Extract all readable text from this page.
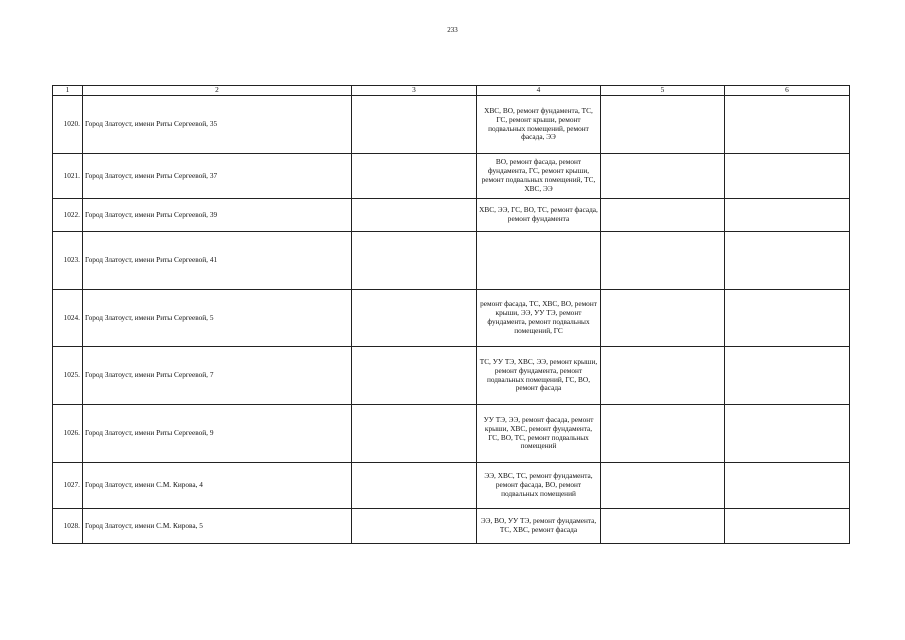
233
1	2	3	4	5	6
1020.	Город Златоуст, имени Риты Сергеевой, 35		ХВС, ВО, ремонт фундамента, ТС, ГС, ремонт крыши, ремонт подвальных помещений, ремонт фасада, ЭЭ		
1021.	Город Златоуст, имени Риты Сергеевой, 37		ВО, ремонт фасада, ремонт фундамента, ГС, ремонт крыши, ремонт подвальных помещений, ТС, ХВС, ЭЭ		
1022.	Город Златоуст, имени Риты Сергеевой, 39		ХВС, ЭЭ, ГС, ВО, ТС, ремонт фасада, ремонт фундамента		
1023.	Город Златоуст, имени Риты Сергеевой, 41				
1024.	Город Златоуст, имени Риты Сергеевой, 5		ремонт фасада, ТС, ХВС, ВО, ремонт крыши, ЭЭ, УУ ТЭ, ремонт фундамента, ремонт подвальных помещений, ГС		
1025.	Город Златоуст, имени Риты Сергеевой, 7		ТС, УУ ТЭ, ХВС, ЭЭ, ремонт крыши, ремонт фундамента, ремонт подвальных помещений, ГС, ВО, ремонт фасада		
1026.	Город Златоуст, имени Риты Сергеевой, 9		УУ ТЭ, ЭЭ, ремонт фасада, ремонт крыши, ХВС, ремонт фундамента, ГС, ВО, ТС, ремонт подвальных помещений		
1027.	Город Златоуст, имени С.М. Кирова, 4		ЭЭ, ХВС, ТС, ремонт фундамента, ремонт фасада, ВО, ремонт подвальных помещений		
1028.	Город Златоуст, имени С.М. Кирова, 5		ЭЭ, ВО, УУ ТЭ, ремонт фундамента, ТС, ХВС, ремонт фасада		
